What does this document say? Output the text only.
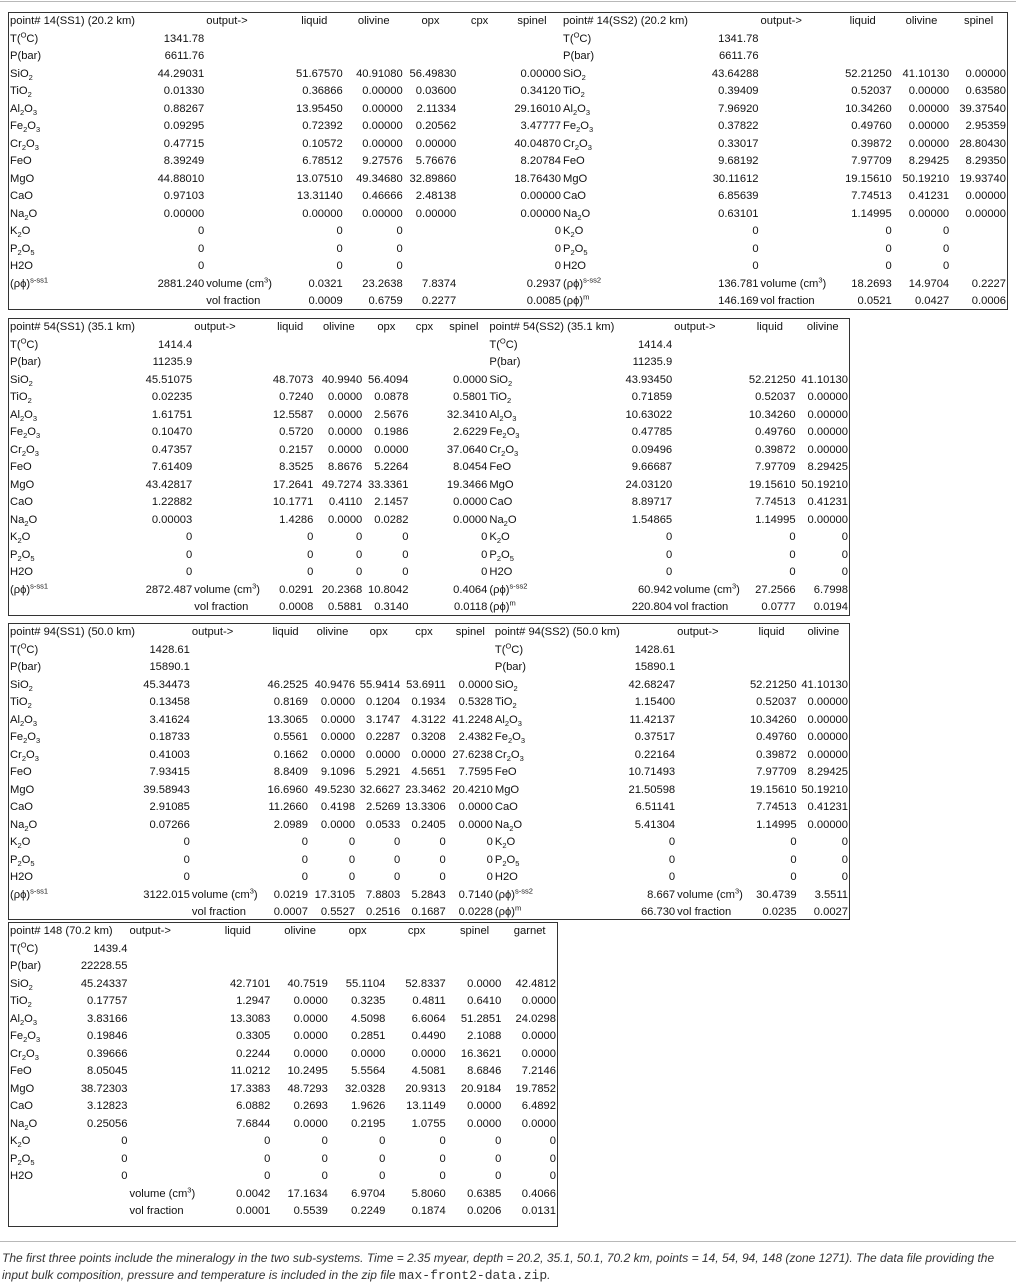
point# 14(SS1) (20.2 km)		output->	liquid	olivine	opx	cpx	spinel	point# 14(SS2) (20.2 km)		output->	liquid	olivine	spinel
T($^O$C)	1341.78							T($^O$C)	1341.78				
P(bar)	6611.76							P(bar)	6611.76				
SiO$_2$	44.29031		51.67570	40.91080	56.49830		0.00000	SiO$_2$	43.64288		52.21250	41.10130	0.00000
TiO$_2$	0.01330		0.36866	0.00000	0.03600		0.34120	TiO$_2$	0.39409		0.52037	0.00000	0.63580
$Al_2O_3$	0.88267		13.95450	0.00000	2.11334		29.16010	$Al_2O_3$	7.96920		10.34260	0.00000	39.37540
$Fe_2O_3$	0.09295		0.72392	0.00000	0.20562		3.47777	$Fe_2O_3$	0.37822		0.49760	0.00000	2.95359
$Cr_2O_3$	0.47715		0.10572	0.00000	0.00000		40.04870	$Cr_2O_3$	0.33017		0.39872	0.00000	28.80430
FeO	8.39249		6.78512	9.27576	5.76676		8.20784	FeO	9.68192		7.97709	8.29425	8.29350
MgO	44.88010		13.07510	49.34680	32.89860		18.76430	MgO	30.11612		19.15610	50.19210	19.93740
CaO	0.97103		13.31140	0.46666	2.48138		0.00000	CaO	6.85639		7.74513	0.41231	0.00000
$Na_2O$	0.00000		0.00000	0.00000	0.00000		0.00000	$Na_2O$	0.63101		1.14995	0.00000	0.00000
$K_2O$	0		0	0			0	$K_2O$	0		0	0	
$P_2O_5$	0		0	0			0	$P_2O_5$	0		0	0	
H2O	0		0	0			0	H2O	0		0	0	
$(\rho\phi)^{s-ss1}$	2881.240	volume $(cm^3)$	0.0321	23.2638	7.8374		0.2937	$(\rho\phi)^{s-ss2}$	136.781	volume $(cm^3)$	18.2693	14.9704	0.2227
		vol fraction	0.0009	0.6759	0.2277		0.0085	$(\rho\phi)^m$	146.169	vol fraction	0.0521	0.0427	0.0006
point# 54(SS1) (35.1 km)		output->	liquid	olivine	opx	cpx	spinel	point# 54(SS2) (35.1 km)		output->	liquid	olivine
T($^O$C)	1414.4							T($^O$C)	1414.4			
P(bar)	11235.9							P(bar)	11235.9			
SiO$_2$	45.51075		48.7073	40.9940	56.4094		0.0000	SiO$_2$	43.93450		52.21250	41.10130
TiO$_2$	0.02235		0.7240	0.0000	0.0878		0.5801	TiO$_2$	0.71859		0.52037	0.00000
$Al_2O_3$	1.61751		12.5587	0.0000	2.5676		32.3410	$Al_2O_3$	10.63022		10.34260	0.00000
$Fe_2O_3$	0.10470		0.5720	0.0000	0.1986		2.6229	$Fe_2O_3$	0.47785		0.49760	0.00000
$Cr_2O_3$	0.47357		0.2157	0.0000	0.0000		37.0640	$Cr_2O_3$	0.09496		0.39872	0.00000
FeO	7.61409		8.3525	8.8676	5.2264		8.0454	FeO	9.66687		7.97709	8.29425
MgO	43.42817		17.2641	49.7274	33.3361		19.3466	MgO	24.03120		19.15610	50.19210
CaO	1.22882		10.1771	0.4110	2.1457		0.0000	CaO	8.89717		7.74513	0.41231
$Na_2O$	0.00003		1.4286	0.0000	0.0282		0.0000	$Na_2O$	1.54865		1.14995	0.00000
$K_2O$	0		0	0	0		0	$K_2O$	0		0	0
$P_2O_5$	0		0	0	0		0	$P_2O_5$	0		0	0
H2O	0		0	0	0		0	H2O	0		0	0
$(\rho\phi)^{s-ss1}$	2872.487	volume $(cm^3)$	0.0291	20.2368	10.8042		0.4064	$(\rho\phi)^{s-ss2}$	60.942	volume $(cm^3)$	27.2566	6.7998
		vol fraction	0.0008	0.5881	0.3140		0.0118	$(\rho\phi)^m$	220.804	vol fraction	0.0777	0.0194
point# 94(SS1) (50.0 km)		output->	liquid	olivine	opx	cpx	spinel	point# 94(SS2) (50.0 km)		output->	liquid	olivine
T($^O$C)	1428.61							T($^O$C)	1428.61			
P(bar)	15890.1							P(bar)	15890.1			
SiO$_2$	45.34473		46.2525	40.9476	55.9414	53.6911	0.0000	SiO$_2$	42.68247		52.21250	41.10130
TiO$_2$	0.13458		0.8169	0.0000	0.1204	0.1934	0.5328	TiO$_2$	1.15400		0.52037	0.00000
$Al_2O_3$	3.41624		13.3065	0.0000	3.1747	4.3122	41.2248	$Al_2O_3$	11.42137		10.34260	0.00000
$Fe_2O_3$	0.18733		0.5561	0.0000	0.2287	0.3208	2.4382	$Fe_2O_3$	0.37517		0.49760	0.00000
$Cr_2O_3$	0.41003		0.1662	0.0000	0.0000	0.0000	27.6238	$Cr_2O_3$	0.22164		0.39872	0.00000
FeO	7.93415		8.8409	9.1096	5.2921	4.5651	7.7595	FeO	10.71493		7.97709	8.29425
MgO	39.58943		16.6960	49.5230	32.6627	23.3462	20.4210	MgO	21.50598		19.15610	50.19210
CaO	2.91085		11.2660	0.4198	2.5269	13.3306	0.0000	CaO	6.51141		7.74513	0.41231
$Na_2O$	0.07266		2.0989	0.0000	0.0533	0.2405	0.0000	$Na_2O$	5.41304		1.14995	0.00000
$K_2O$	0		0	0	0	0	0	$K_2O$	0		0	0
$P_2O_5$	0		0	0	0	0	0	$P_2O_5$	0		0	0
H2O	0		0	0	0	0	0	H2O	0		0	0
$(\rho\phi)^{s-ss1}$	3122.015	volume $(cm^3)$	0.0219	17.3105	7.8803	5.2843	0.7140	$(\rho\phi)^{s-ss2}$	8.667	volume $(cm^3)$	30.4739	3.5511
		vol fraction	0.0007	0.5527	0.2516	0.1687	0.0228	$(\rho\phi)^m$	66.730	vol fraction	0.0235	0.0027
point# 148 (70.2 km)		output->	liquid	olivine	opx	cpx	spinel	garnet
T($^O$C)	1439.4							
P(bar)	22228.55							
SiO$_2$	45.24337		42.7101	40.7519	55.1104	52.8337	0.0000	42.4812
TiO$_2$	0.17757		1.2947	0.0000	0.3235	0.4811	0.6410	0.0000
$Al_2O_3$	3.83166		13.3083	0.0000	4.5098	6.6064	51.2851	24.0298
$Fe_2O_3$	0.19846		0.3305	0.0000	0.2851	0.4490	2.1088	0.0000
$Cr_2O_3$	0.39666		0.2244	0.0000	0.0000	0.0000	16.3621	0.0000
FeO	8.05045		11.0212	10.2495	5.5564	4.5081	8.6846	7.2146
MgO	38.72303		17.3383	48.7293	32.0328	20.9313	20.9184	19.7852
CaO	3.12823		6.0882	0.2693	1.9626	13.1149	0.0000	6.4892
$Na_2O$	0.25056		7.6844	0.0000	0.2195	1.0755	0.0000	0.0000
$K_2O$	0		0	0	0	0	0	0
$P_2O_5$	0		0	0	0	0	0	0
H2O	0		0	0	0	0	0	0
		volume $(cm^3)$	0.0042	17.1634	6.9704	5.8060	0.6385	0.4066
		vol fraction	0.0001	0.5539	0.2249	0.1874	0.0206	0.0131
The first three points include the mineralogy in the two sub-systems. Time = 2.35 myear, depth = 20.2, 35.1, 50.1, 70.2 km, points = 14, 54, 94, 148 (zone 1271). The data file providing the input bulk composition, pressure and temperature is included in the zip file max-front2-data.zip.
